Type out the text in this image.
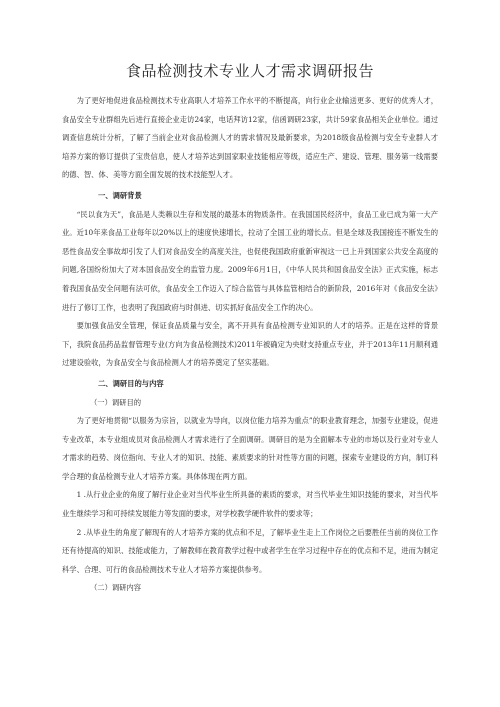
食品检测技术专业人才需求调研报告

为了更好地促进食品检测技术专业高职人才培养工作水平的不断提高，向行业企业输送更多、更好的优秀人才，食品安全专业群组先后进行直接企业走访24家，电话拜访12家，信函调研23家，共计59家食品相关企业单位。通过调查信息统计分析，了解了当前企业对食品检测人才的需求情况及最新要求，为2018级食品检测与安全专业群人才培养方案的修订提供了宝贵信息，使人才培养达到国家职业技能相应等级，适应生产、建设、管理、服务第一线需要的德、智、体、美等方面全面发展的技术技能型人才。

一、调研背景

“民以食为天”，食品是人类赖以生存和发展的最基本的物质条件。在我国国民经济中，食品工业已成为第一大产业。近10年来食品工业每年以20%以上的速度快速增长，拉动了全国工业的增长点。但是全球及我国接连不断发生的恶性食品安全事故却引发了人们对食品安全的高度关注，也促使我国政府重新审视这一已上升到国家公共安全高度的问题,各国纷纷加大了对本国食品安全的监管力度。2009年6月1日，《中华人民共和国食品安全法》正式实施，标志着我国食品安全问题有法可依，食品安全工作迈入了综合监管与具体监管相结合的新阶段，2016年对《食品安全法》进行了修订工作，也表明了我国政府与时俱进、切实抓好食品安全工作的决心。

要加强食品安全管理，保证食品质量与安全，离不开具有食品检测专业知识的人才的培养。正是在这样的背景下，我院食品药品监督管理专业(方向为食品检测技术)2011年被确定为央财支持重点专业，并于2013年11月顺利通过建设验收，为食品安全与食品检测人才的培养奠定了坚实基础。

二、调研目的与内容

（一）调研目的

为了更好地贯彻“以服务为宗旨，以就业为导向，以岗位能力培养为重点”的职业教育理念，加强专业建设，促进专业改革，本专业组成员对食品检测人才需求进行了全面调研。调研目的是为全面解本专业的市场以及行业对专业人才需求的趋势、岗位指向、专业人才的知识、技能、素质要求的针对性等方面的问题，探索专业建设的方向，制订科学合理的食品检测专业人才培养方案。具体体现在两方面。

1 .从行业企业的角度了解行业企业对当代毕业生所具备的素质的要求，对当代毕业生知识技能的要求，对当代毕业生继续学习和可持续发展能力等发面的要求，对学校教学硬件软件的要求等；

2 .从毕业生的角度了解现有的人才培养方案的优点和不足，了解毕业生走上工作岗位之后要胜任当前的岗位工作还有待提高的知识、技能或能力，了解教师在教育教学过程中或者学生在学习过程中存在的优点和不足，进而为制定科学、合理、可行的食品检测技术专业人才培养方案提供参考。

（二）调研内容
